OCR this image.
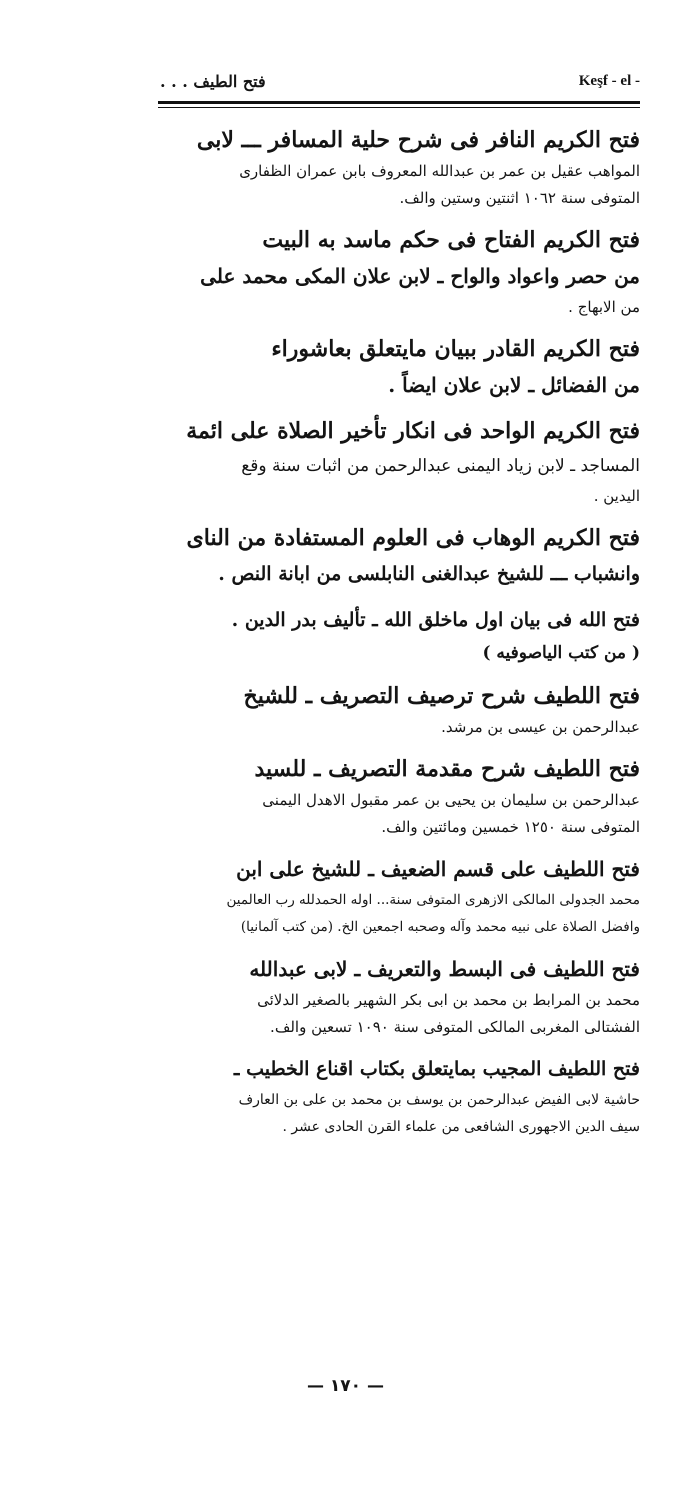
فتح الطيف . . .	Keşf - el -
فتح الكريم النافر فى شرح حلية المسافر ـــ لابى
المواهب عقيل بن عمر بن عبدالله المعروف بابن عمران الظفارى
المتوفى سنة ١٠٦٢ اثنتين وستين والف.
فتح الكريم الفتاح فى حكم ماسد به البيت
من حصر واعواد والواح ـ لابن علان المكى محمد على
من الابهاج .
فتح الكريم القادر ببيان مايتعلق بعاشوراء
من الفضائل ـ لابن علان ايضاً .
فتح الكريم الواحد فى انكار تأخير الصلاة على ائمة
المساجد ـ لابن زياد اليمنى عبدالرحمن من اثبات سنة وقع
اليدين .
فتح الكريم الوهاب فى العلوم المستفادة من الناى
وانشباب ـــ للشيخ عبدالغنى النابلسى من ابانة النص .
فتح الله فى بيان اول ماخلق الله ـ تأليف بدر الدين .
( من كتب الياصوفيه )
فتح اللطيف شرح ترصيف التصريف ـ للشيخ
عبدالرحمن بن عيسى بن مرشد.
فتح اللطيف شرح مقدمة التصريف ـ للسيد
عبدالرحمن بن سليمان بن يحيى بن عمر مقبول الاهدل اليمنى
المتوفى سنة ١٢٥٠ خمسين ومائتين والف.
فتح اللطيف على قسم الضعيف ـ للشيخ على ابن
محمد الجدولى المالكى الازهرى المتوفى سنة... اوله الحمدلله رب العالمين
وافضل الصلاة على نبيه محمد وآله وصحبه اجمعين الخ. (من كتب آلمانيا)
فتح اللطيف فى البسط والتعريف ـ لابى عبدالله
محمد بن المرابط بن محمد بن ابى بكر الشهير بالصغير الدلائى
الفشتالى المغربى المالكى المتوفى سنة ١٠٩٠ تسعين والف.
فتح اللطيف المجيب بمايتعلق بكتاب اقناع الخطيب ـ
حاشية لابى الفيض عبدالرحمن بن يوسف بن محمد بن على بن العارف
سيف الدين الاجهورى الشافعى من علماء القرن الحادى عشر .
— ١٧٠ —
